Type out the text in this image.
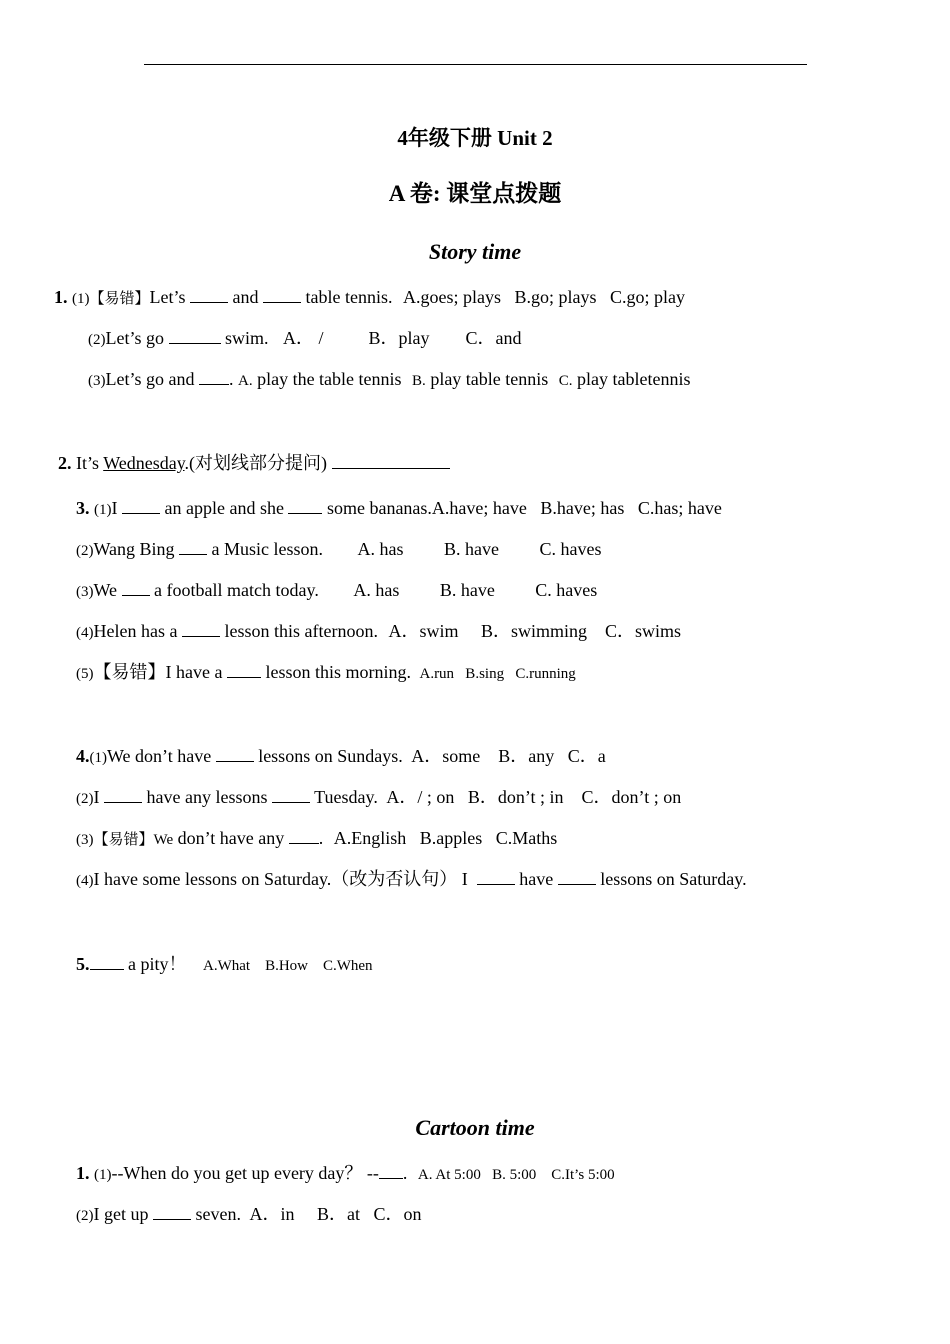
4年级下册 Unit 2
A 卷: 课堂点拨题
Story time
1. (1)【易错】Let’s  and  table tennis. A.goes; plays   B.go; plays   C.go; play
(2)Let’s go	swim. A． /          B．play        C．and
(3)Let’s go and . A. play the table tennis B. play table tennis C. play tabletennis
2. It’s Wednesday.(对划线部分提问)
3. (1)I  an apple and she  some bananas.A.have; have   B.have; has   C.has; have
(2)Wang Bing  a Music lesson. A. has         B. have         C. haves
(3)We  a football match today. A. has         B. have         C. haves
(4)Helen has a  lesson this afternoon. A．swim     B．swimming    C．swims
(5)【易错】I have a  lesson this morning. A.run   B.sing   C.running
4.(1)We don’t have  lessons on Sundays. A．some    B．any   C．a
(2)I  have any lessons  Tuesday. A．/ ; on   B．don’t ; in    C．don’t ; on
(3)【易错】We don’t have any . A.English   B.apples   C.Maths
(4)I have some lessons on Saturday.（改为否认句） I   have  lessons on Saturday.
5. a pity！ A.What    B.How    C.When
Cartoon time
1. (1)--When do you get up every day？ -- . A. At 5:00   B. 5:00    C.It’s 5:00
(2)I get up  seven. A．in     B．at   C．on
